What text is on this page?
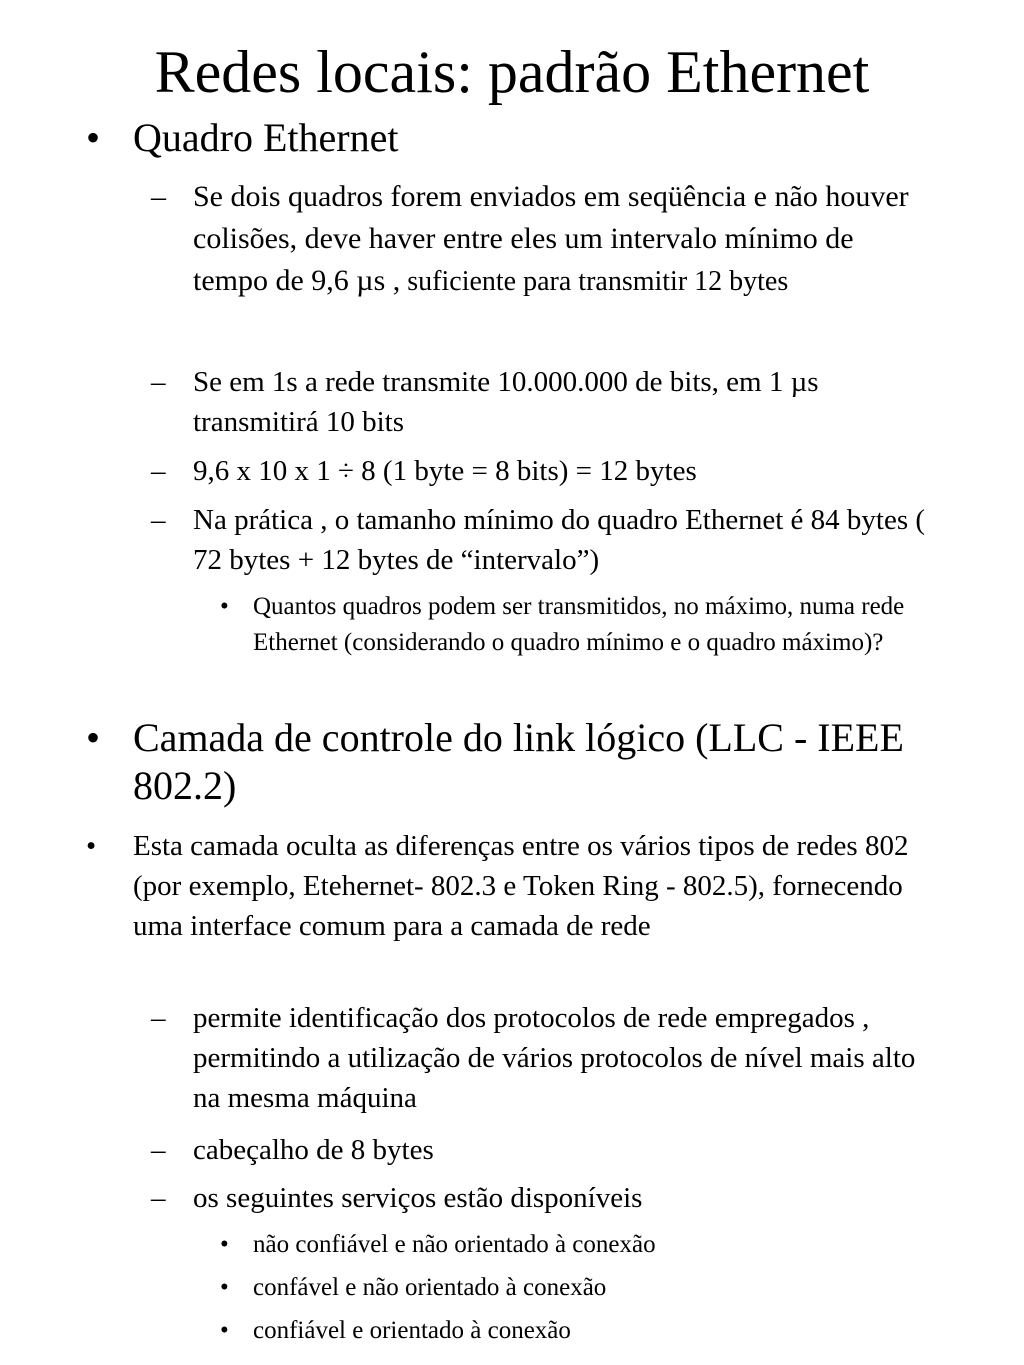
Redes locais: padrão Ethernet
• Quadro Ethernet
– Se dois quadros forem enviados em seqüência e não houver colisões, deve haver entre eles um intervalo mínimo de tempo de 9,6 µs , suficiente para transmitir 12 bytes
– Se em 1s a rede transmite 10.000.000 de bits, em 1 µs transmitirá 10 bits
– 9,6 x 10 x 1 ÷ 8 (1 byte = 8 bits) = 12 bytes
– Na prática , o tamanho mínimo do quadro Ethernet é 84 bytes ( 72 bytes + 12 bytes de “intervalo”)
• Quantos quadros podem ser transmitidos, no máximo, numa rede Ethernet (considerando o quadro mínimo e o quadro máximo)?
• Camada de controle do link lógico (LLC - IEEE 802.2)
• Esta camada oculta as diferenças entre os vários tipos de redes 802 (por exemplo, Etehernet- 802.3 e Token Ring - 802.5), fornecendo uma interface comum para a camada de rede
– permite identificação dos protocolos de rede empregados , permitindo a utilização de vários protocolos de nível mais alto na mesma máquina
– cabeçalho de 8 bytes
– os seguintes serviços estão disponíveis
• não confiável e não orientado à conexão
• confável e não orientado à conexão
• confiável e orientado à conexão
